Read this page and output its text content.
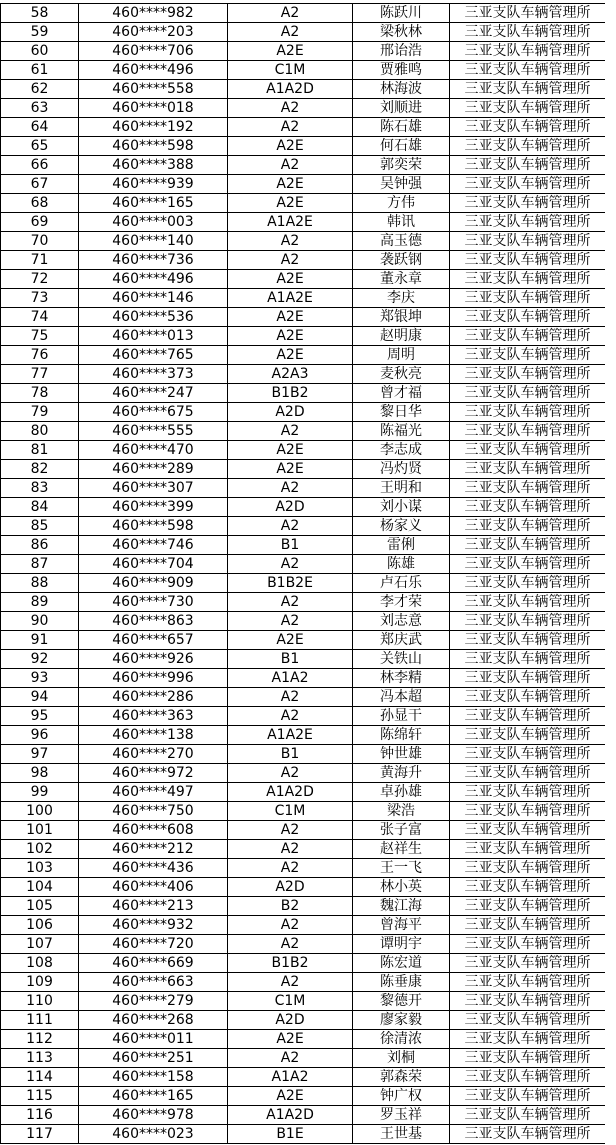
58	460****982	A2	陈跃川	三亚支队车辆管理所
59	460****203	A2	梁秋林	三亚支队车辆管理所
60	460****706	A2E	邢诒浩	三亚支队车辆管理所
61	460****496	C1M	贾雅鸣	三亚支队车辆管理所
62	460****558	A1A2D	林海波	三亚支队车辆管理所
63	460****018	A2	刘顺进	三亚支队车辆管理所
64	460****192	A2	陈石雄	三亚支队车辆管理所
65	460****598	A2E	何石雄	三亚支队车辆管理所
66	460****388	A2	郭奕荣	三亚支队车辆管理所
67	460****939	A2E	吴钟强	三亚支队车辆管理所
68	460****165	A2E	方伟	三亚支队车辆管理所
69	460****003	A1A2E	韩讯	三亚支队车辆管理所
70	460****140	A2	高玉德	三亚支队车辆管理所
71	460****736	A2	袭跃钢	三亚支队车辆管理所
72	460****496	A2E	董永章	三亚支队车辆管理所
73	460****146	A1A2E	李庆	三亚支队车辆管理所
74	460****536	A2E	郑银坤	三亚支队车辆管理所
75	460****013	A2E	赵明康	三亚支队车辆管理所
76	460****765	A2E	周明	三亚支队车辆管理所
77	460****373	A2A3	麦秋亮	三亚支队车辆管理所
78	460****247	B1B2	曾才福	三亚支队车辆管理所
79	460****675	A2D	黎日华	三亚支队车辆管理所
80	460****555	A2	陈福光	三亚支队车辆管理所
81	460****470	A2E	李志成	三亚支队车辆管理所
82	460****289	A2E	冯灼贤	三亚支队车辆管理所
83	460****307	A2	王明和	三亚支队车辆管理所
84	460****399	A2D	刘小谋	三亚支队车辆管理所
85	460****598	A2	杨家义	三亚支队车辆管理所
86	460****746	B1	雷俐	三亚支队车辆管理所
87	460****704	A2	陈雄	三亚支队车辆管理所
88	460****909	B1B2E	卢石乐	三亚支队车辆管理所
89	460****730	A2	李才荣	三亚支队车辆管理所
90	460****863	A2	刘志意	三亚支队车辆管理所
91	460****657	A2E	郑庆武	三亚支队车辆管理所
92	460****926	B1	关铁山	三亚支队车辆管理所
93	460****996	A1A2	林李精	三亚支队车辆管理所
94	460****286	A2	冯本超	三亚支队车辆管理所
95	460****363	A2	孙显干	三亚支队车辆管理所
96	460****138	A1A2E	陈绵轩	三亚支队车辆管理所
97	460****270	B1	钟世雄	三亚支队车辆管理所
98	460****972	A2	黄海升	三亚支队车辆管理所
99	460****497	A1A2D	卓孙雄	三亚支队车辆管理所
100	460****750	C1M	梁浩	三亚支队车辆管理所
101	460****608	A2	张子富	三亚支队车辆管理所
102	460****212	A2	赵祥生	三亚支队车辆管理所
103	460****436	A2	王一飞	三亚支队车辆管理所
104	460****406	A2D	林小英	三亚支队车辆管理所
105	460****213	B2	魏江海	三亚支队车辆管理所
106	460****932	A2	曾海平	三亚支队车辆管理所
107	460****720	A2	谭明宇	三亚支队车辆管理所
108	460****669	B1B2	陈宏道	三亚支队车辆管理所
109	460****663	A2	陈垂康	三亚支队车辆管理所
110	460****279	C1M	黎德开	三亚支队车辆管理所
111	460****268	A2D	廖家毅	三亚支队车辆管理所
112	460****011	A2E	徐清浓	三亚支队车辆管理所
113	460****251	A2	刘桐	三亚支队车辆管理所
114	460****158	A1A2	郭森荣	三亚支队车辆管理所
115	460****165	A2E	钟广权	三亚支队车辆管理所
116	460****978	A1A2D	罗玉祥	三亚支队车辆管理所
117	460****023	B1E	王世基	三亚支队车辆管理所
